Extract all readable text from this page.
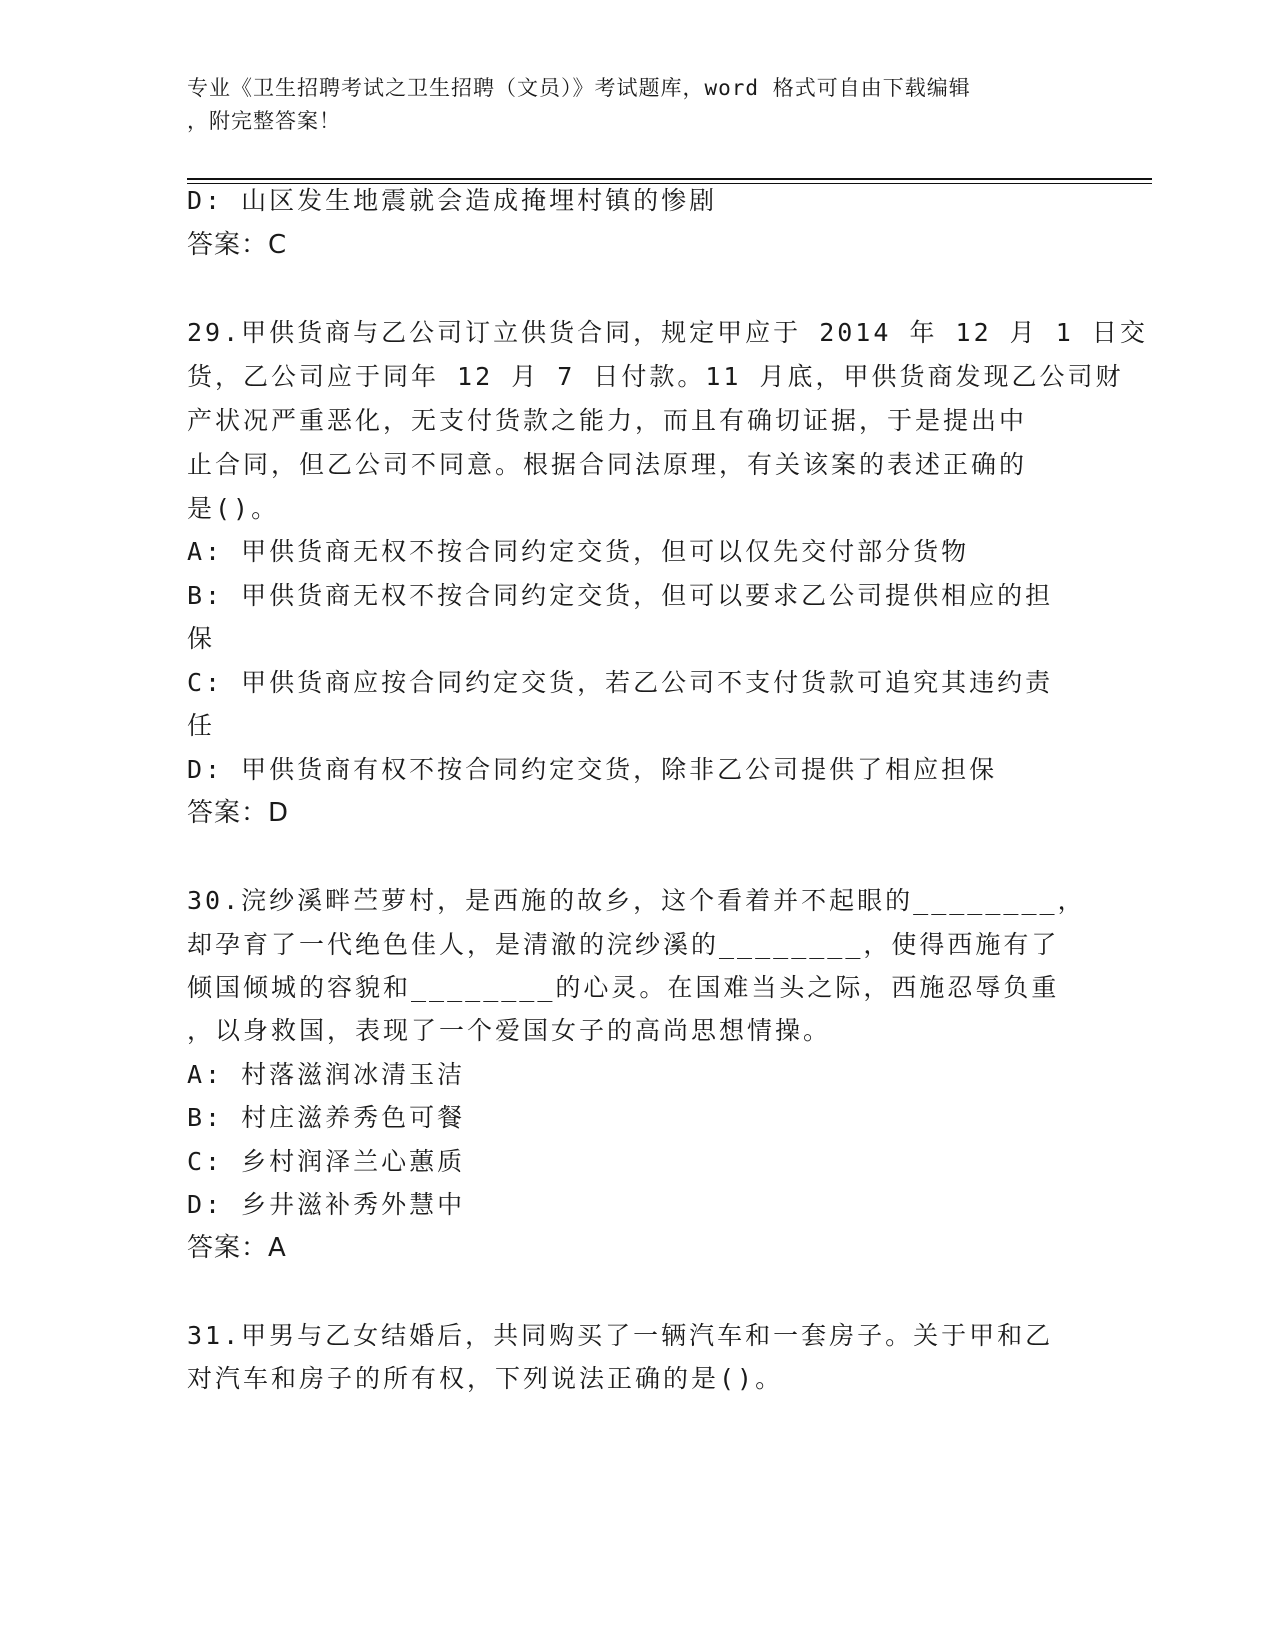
专业《卫生招聘考试之卫生招聘（文员）》考试题库，word 格式可自由下载编辑
，附完整答案！
D: 山区发生地震就会造成掩埋村镇的惨剧
答案：C
29.甲供货商与乙公司订立供货合同，规定甲应于 2014 年 12 月 1 日交
货，乙公司应于同年 12 月 7 日付款。11 月底，甲供货商发现乙公司财
产状况严重恶化，无支付货款之能力，而且有确切证据，于是提出中
止合同，但乙公司不同意。根据合同法原理，有关该案的表述正确的
是()。
A: 甲供货商无权不按合同约定交货，但可以仅先交付部分货物
B: 甲供货商无权不按合同约定交货，但可以要求乙公司提供相应的担
保
C: 甲供货商应按合同约定交货，若乙公司不支付货款可追究其违约责
任
D: 甲供货商有权不按合同约定交货，除非乙公司提供了相应担保
答案：D
30.浣纱溪畔苎萝村，是西施的故乡，这个看着并不起眼的________，
却孕育了一代绝色佳人，是清澈的浣纱溪的________，使得西施有了
倾国倾城的容貌和________的心灵。在国难当头之际，西施忍辱负重
，以身救国，表现了一个爱国女子的高尚思想情操。
A: 村落滋润冰清玉洁
B: 村庄滋养秀色可餐
C: 乡村润泽兰心蕙质
D: 乡井滋补秀外慧中
答案：A
31.甲男与乙女结婚后，共同购买了一辆汽车和一套房子。关于甲和乙
对汽车和房子的所有权，下列说法正确的是()。
